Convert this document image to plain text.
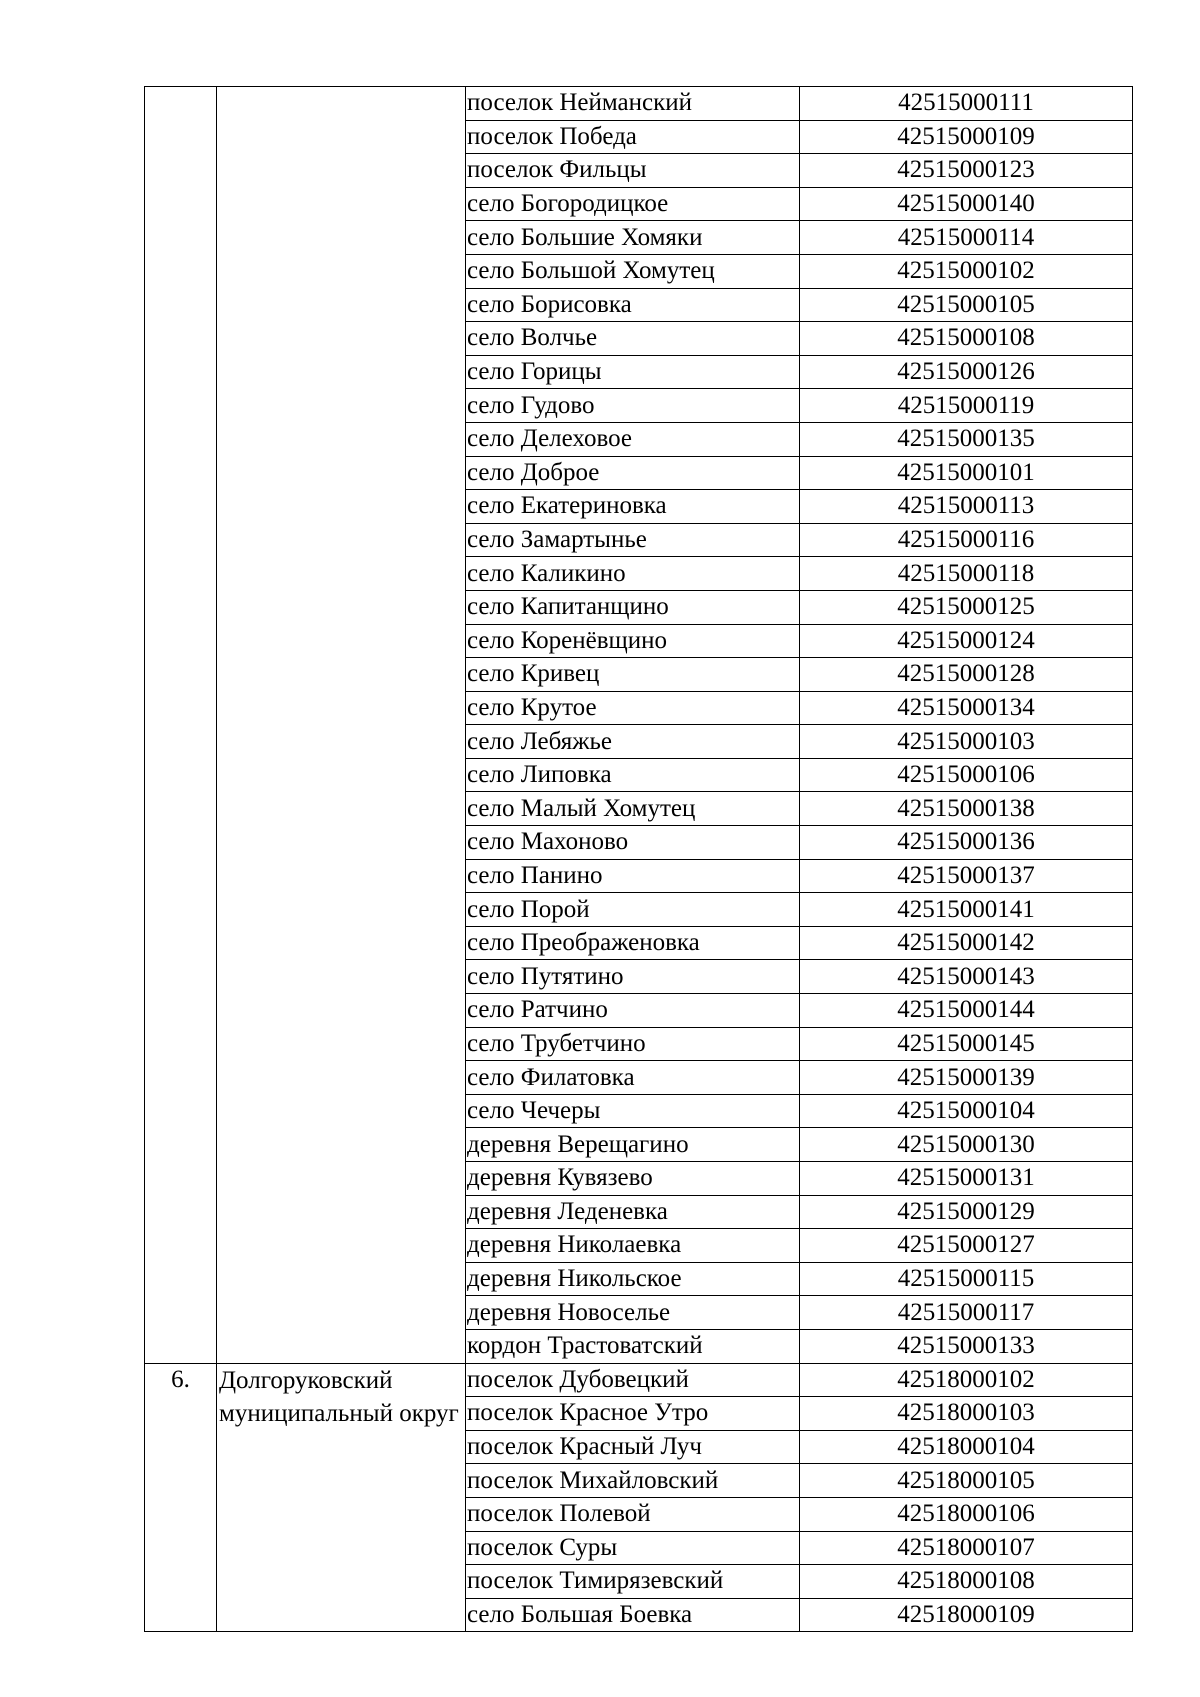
		поселок Нейманский	42515000111
		поселок Победа	42515000109
		поселок Фильцы	42515000123
		село Богородицкое	42515000140
		село Большие Хомяки	42515000114
		село Большой Хомутец	42515000102
		село Борисовка	42515000105
		село Волчье	42515000108
		село Горицы	42515000126
		село Гудово	42515000119
		село Делеховое	42515000135
		село Доброе	42515000101
		село Екатериновка	42515000113
		село Замартынье	42515000116
		село Каликино	42515000118
		село Капитанщино	42515000125
		село Коренёвщино	42515000124
		село Кривец	42515000128
		село Крутое	42515000134
		село Лебяжье	42515000103
		село Липовка	42515000106
		село Малый Хомутец	42515000138
		село Махоново	42515000136
		село Панино	42515000137
		село Порой	42515000141
		село Преображеновка	42515000142
		село Путятино	42515000143
		село Ратчино	42515000144
		село Трубетчино	42515000145
		село Филатовка	42515000139
		село Чечеры	42515000104
		деревня Верещагино	42515000130
		деревня Кувязево	42515000131
		деревня Леденевка	42515000129
		деревня Николаевка	42515000127
		деревня Никольское	42515000115
		деревня Новоселье	42515000117
		кордон Трастоватский	42515000133
6.	Долгоруковский муниципальный округ	поселок Дубовецкий	42518000102
		поселок Красное Утро	42518000103
		поселок Красный Луч	42518000104
		поселок Михайловский	42518000105
		поселок Полевой	42518000106
		поселок Суры	42518000107
		поселок Тимирязевский	42518000108
		село Большая Боевка	42518000109
